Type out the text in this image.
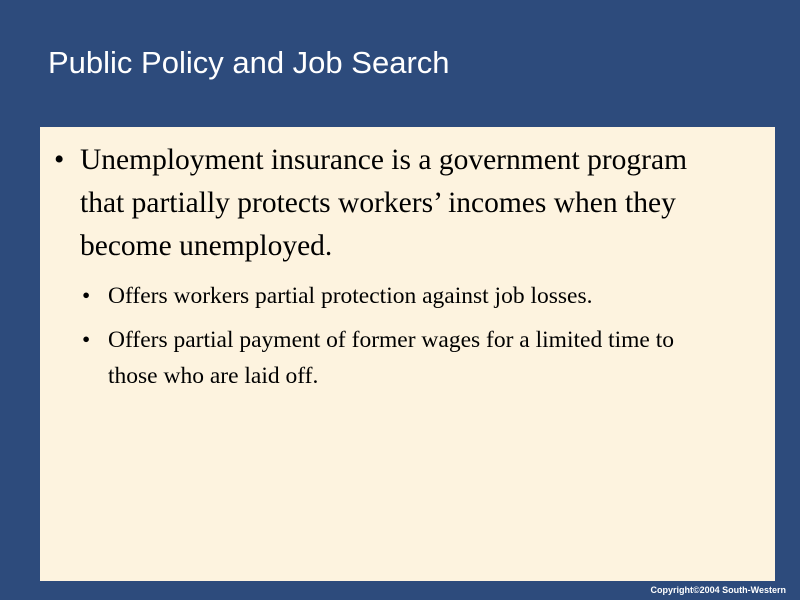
Public Policy and Job Search
• Unemployment insurance is a government program that partially protects workers’ incomes when they become unemployed.
• Offers workers partial protection against job losses.
• Offers partial payment of former wages for a limited time to those who are laid off.
Copyright©2004 South-Western
